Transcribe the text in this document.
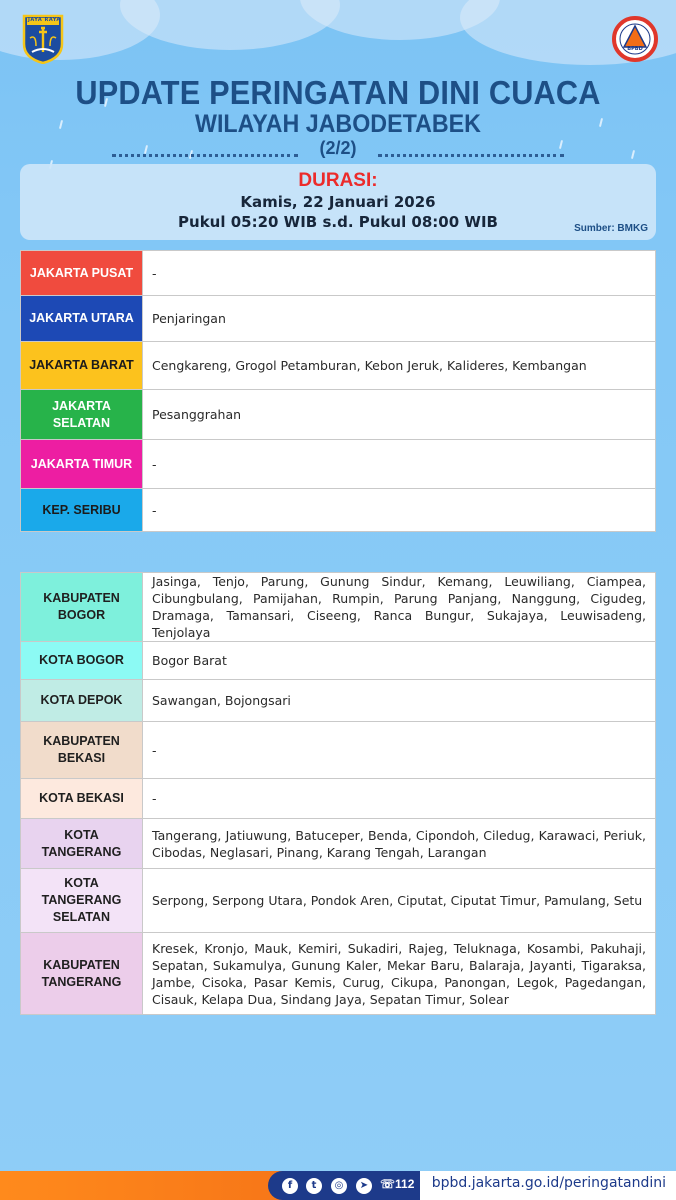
JAYA RAYA
BPBD
UPDATE PERINGATAN DINI CUACA
WILAYAH JABODETABEK
(2/2)
DURASI:
Kamis, 22 Januari 2026
Pukul 05:20 WIB s.d. Pukul 08:00 WIB	Sumber: BMKG
JAKARTA PUSAT	-
JAKARTA UTARA	Penjaringan
JAKARTA BARAT	Cengkareng, Grogol Petamburan, Kebon Jeruk, Kalideres, Kembangan
JAKARTA SELATAN	Pesanggrahan
JAKARTA TIMUR	-
KEP. SERIBU	-
KABUPATEN BOGOR	Jasinga, Tenjo, Parung, Gunung Sindur, Kemang, Leuwiliang, Ciampea, Cibungbulang, Pamijahan, Rumpin, Parung Panjang, Nanggung, Cigudeg, Dramaga, Tamansari, Ciseeng, Ranca Bungur, Sukajaya, Leuwisadeng, Tenjolaya
KOTA BOGOR	Bogor Barat
KOTA DEPOK	Sawangan, Bojongsari
KABUPATEN BEKASI	-
KOTA BEKASI	-
KOTA TANGERANG	Tangerang, Jatiuwung, Batuceper, Benda, Cipondoh, Ciledug, Karawaci, Periuk, Cibodas, Neglasari, Pinang, Karang Tengah, Larangan
KOTA TANGERANG SELATAN	Serpong, Serpong Utara, Pondok Aren, Ciputat, Ciputat Timur, Pamulang, Setu
KABUPATEN TANGERANG	Kresek, Kronjo, Mauk, Kemiri, Sukadiri, Rajeg, Teluknaga, Kosambi, Pakuhaji, Sepatan, Sukamulya, Gunung Kaler, Mekar Baru, Balaraja, Jayanti, Tigaraksa, Jambe, Cisoka, Pasar Kemis, Curug, Cikupa, Panongan, Legok, Pagedangan, Cisauk, Kelapa Dua, Sindang Jaya, Sepatan Timur, Solear
f	t	◎	➤ ☏112 bpbd.jakarta.go.id/peringatandini
